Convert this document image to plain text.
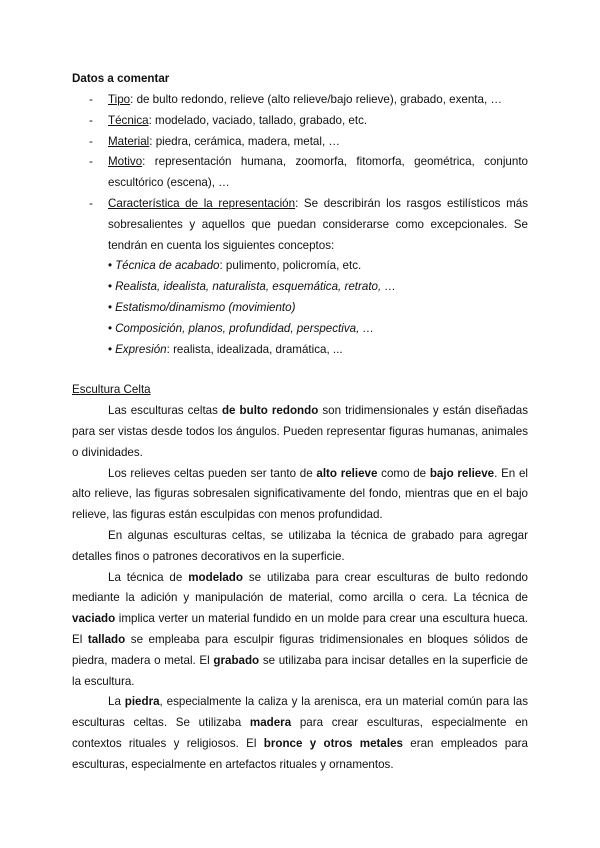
Datos a comentar
- Tipo: de bulto redondo, relieve (alto relieve/bajo relieve), grabado, exenta, …
- Técnica: modelado, vaciado, tallado, grabado, etc.
- Material: piedra, cerámica, madera, metal, …
- Motivo: representación humana, zoomorfa, fitomorfa, geométrica, conjunto escultórico (escena), …
- Característica de la representación: Se describirán los rasgos estilísticos más sobresalientes y aquellos que puedan considerarse como excepcionales. Se tendrán en cuenta los siguientes conceptos:
• Técnica de acabado: pulimento, policromía, etc.
• Realista, idealista, naturalista, esquemática, retrato, …
• Estatismo/dinamismo (movimiento)
• Composición, planos, profundidad, perspectiva, …
• Expresión: realista, idealizada, dramática, ...
Escultura Celta

Las esculturas celtas de bulto redondo son tridimensionales y están diseñadas para ser vistas desde todos los ángulos. Pueden representar figuras humanas, animales o divinidades.

Los relieves celtas pueden ser tanto de alto relieve como de bajo relieve. En el alto relieve, las figuras sobresalen significativamente del fondo, mientras que en el bajo relieve, las figuras están esculpidas con menos profundidad.

En algunas esculturas celtas, se utilizaba la técnica de grabado para agregar detalles finos o patrones decorativos en la superficie.

La técnica de modelado se utilizaba para crear esculturas de bulto redondo mediante la adición y manipulación de material, como arcilla o cera. La técnica de vaciado implica verter un material fundido en un molde para crear una escultura hueca. El tallado se empleaba para esculpir figuras tridimensionales en bloques sólidos de piedra, madera o metal. El grabado se utilizaba para incisar detalles en la superficie de la escultura.

La piedra, especialmente la caliza y la arenisca, era un material común para las esculturas celtas. Se utilizaba madera para crear esculturas, especialmente en contextos rituales y religiosos. El bronce y otros metales eran empleados para esculturas, especialmente en artefactos rituales y ornamentos.
